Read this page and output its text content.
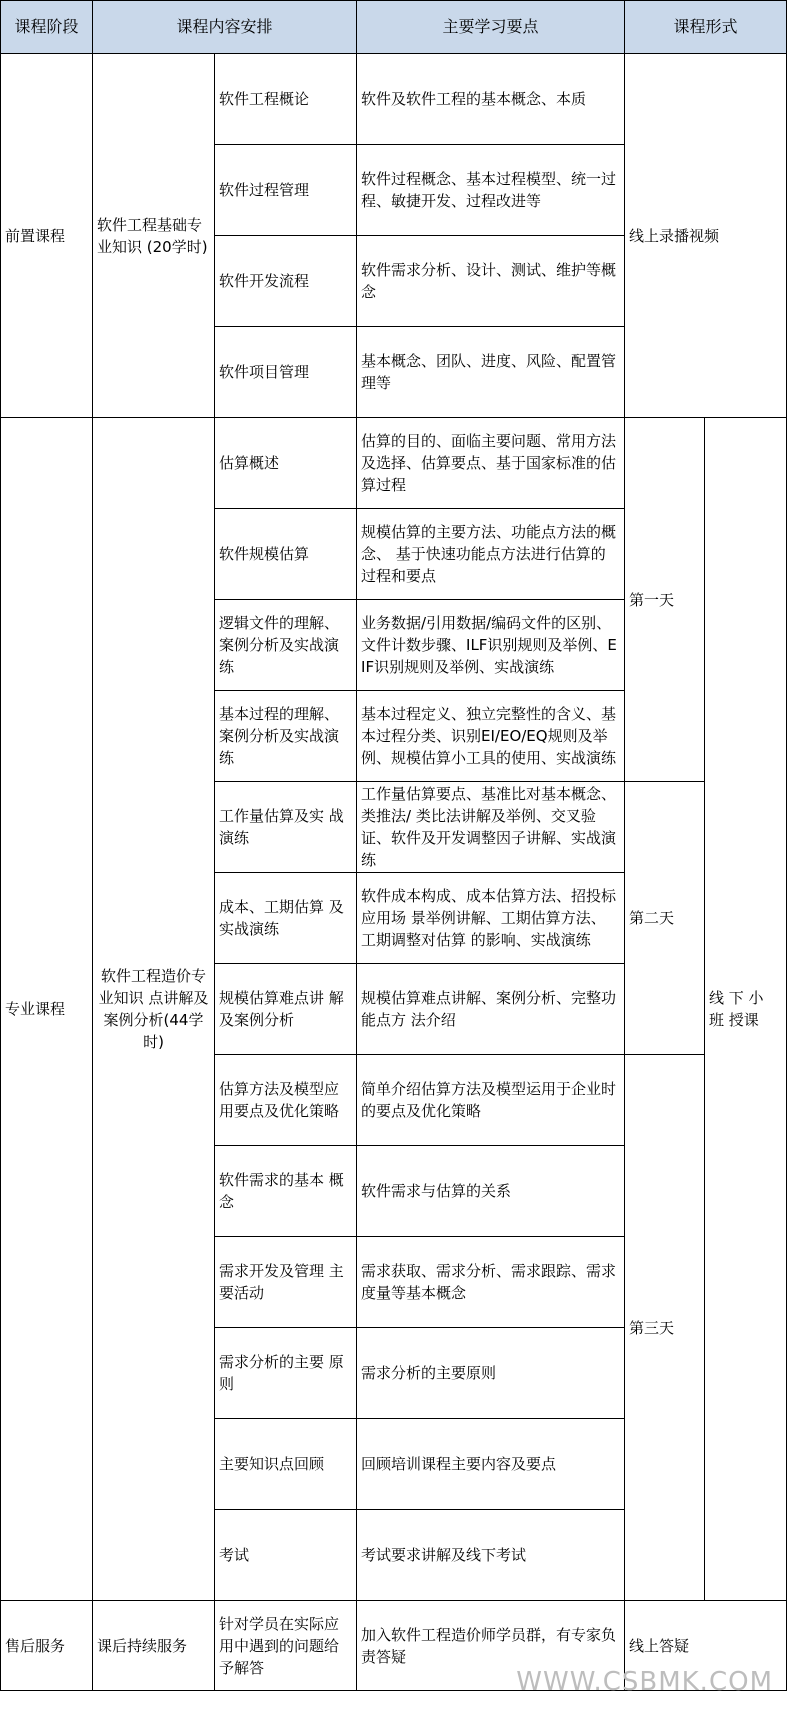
课程阶段	课程内容安排		主要学习要点	课程形式	
前置课程	软件工程基础专业知识 (20学时)	软件工程概论	软件及软件工程的基本概念、本质	线上录播视频	
		软件过程管理	软件过程概念、基本过程模型、统一过程、敏捷开发、过程改进等		
		软件开发流程	软件需求分析、设计、测试、维护等概念		
		软件项目管理	基本概念、团队、进度、风险、配置管理等		
专业课程	软件工程造价专业知识 点讲解及案例分析(44学时)	估算概述	估算的目的、面临主要问题、常用方法及选择、估算要点、基于国家标准的估算过程	第一天	线 下 小 班 授课
		软件规模估算	规模估算的主要方法、功能点方法的概念、 基于快速功能点方法进行估算的过程和要点		
		逻辑文件的理解、案例分析及实战演练	业务数据/引用数据/编码文件的区别、文件计数步骤、ILF识别规则及举例、EIF识别规则及举例、实战演练		
		基本过程的理解、案例分析及实战演练	基本过程定义、独立完整性的含义、基本过程分类、识别EI/EO/EQ规则及举例、规模估算小工具的使用、实战演练		
		工作量估算及实 战演练	工作量估算要点、基准比对基本概念、类推法/ 类比法讲解及举例、交叉验证、软件及开发调整因子讲解、实战演练	第二天	
		成本、工期估算 及实战演练	软件成本构成、成本估算方法、招投标应用场 景举例讲解、工期估算方法、工期调整对估算 的影响、实战演练		
		规模估算难点讲 解及案例分析	规模估算难点讲解、案例分析、完整功能点方 法介绍		
		估算方法及模型应用要点及优化策略	简单介绍估算方法及模型运用于企业时的要点及优化策略	第三天	
		软件需求的基本 概念	软件需求与估算的关系		
		需求开发及管理 主要活动	需求获取、需求分析、需求跟踪、需求度量等基本概念		
		需求分析的主要 原则	需求分析的主要原则		
		主要知识点回顾	回顾培训课程主要内容及要点		
		考试	考试要求讲解及线下考试		
售后服务	课后持续服务	针对学员在实际应用中遇到的问题给予解答	加入软件工程造价师学员群，有专家负责答疑	线上答疑	
WWW.CSBMK.COM
